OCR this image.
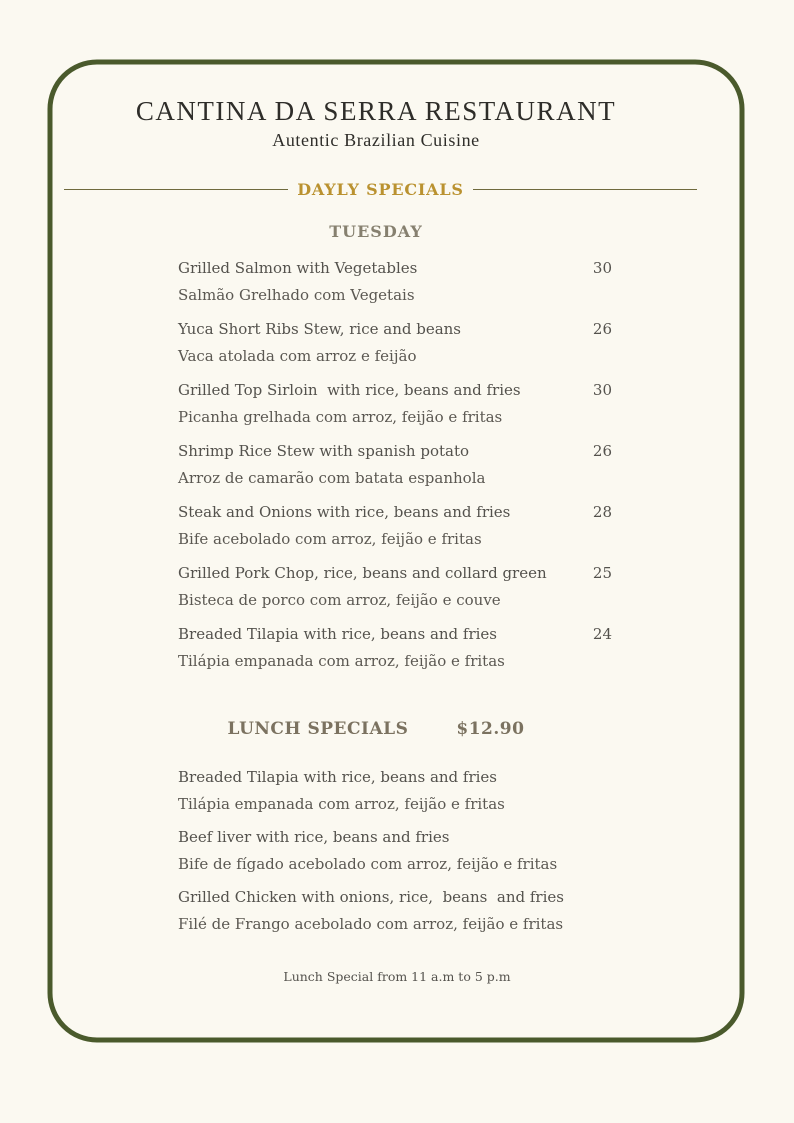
CANTINA DA SERRA RESTAURANT
Autentic Brazilian Cuisine
DAYLY SPECIALS
TUESDAY
Grilled Salmon with Vegetables	30
Salmão Grelhado com Vegetais
Yuca Short Ribs Stew, rice and beans	26
Vaca atolada com arroz e feijão
Grilled Top Sirloin  with rice, beans and fries	30
Picanha grelhada com arroz, feijão e fritas
Shrimp Rice Stew with spanish potato	26
Arroz de camarão com batata espanhola
Steak and Onions with rice, beans and fries	28
Bife acebolado com arroz, feijão e fritas
Grilled Pork Chop, rice, beans and collard green	25
Bisteca de porco com arroz, feijão e couve
Breaded Tilapia with rice, beans and fries	24
Tilápia empanada com arroz, feijão e fritas
LUNCH SPECIALS	$12.90
Breaded Tilapia with rice, beans and fries
Tilápia empanada com arroz, feijão e fritas
Beef liver with rice, beans and fries
Bife de fígado acebolado com arroz, feijão e fritas
Grilled Chicken with onions, rice,  beans  and fries
Filé de Frango acebolado com arroz, feijão e fritas
Lunch Special from 11 a.m to 5 p.m
